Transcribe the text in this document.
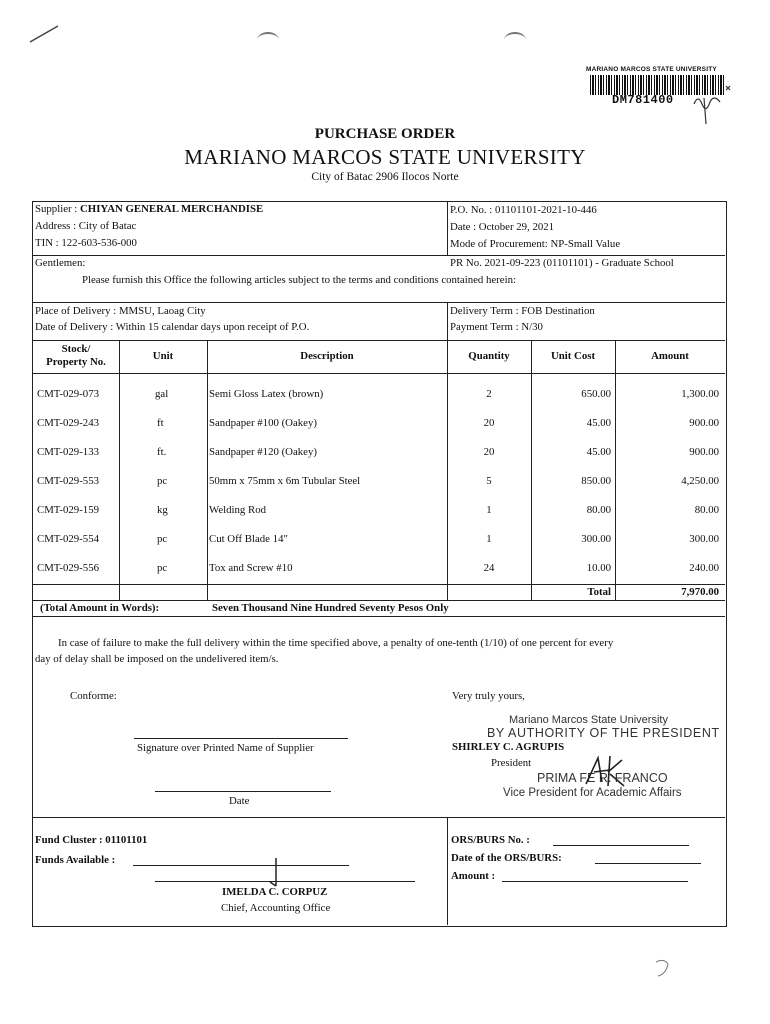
MARIANO MARCOS STATE UNIVERSITY
DM781400
PURCHASE ORDER
MARIANO MARCOS STATE UNIVERSITY
City of Batac 2906 Ilocos Norte
Supplier : CHIYAN GENERAL MERCHANDISE
Address : City of Batac
TIN : 122-603-536-000
P.O. No. : 01101101-2021-10-446
Date : October 29, 2021
Mode of Procurement: NP-Small Value
Gentlemen:	PR No. 2021-09-223 (01101101) - Graduate School
Please furnish this Office the following articles subject to the terms and conditions contained herein:
Place of Delivery : MMSU, Laoag City
Date of Delivery : Within 15 calendar days upon receipt of P.O.
Delivery Term : FOB Destination
Payment Term : N/30
Stock/
Property No.	Unit	Description	Quantity	Unit Cost	Amount
CMT-029-073	gal	Semi Gloss Latex (brown)	2	650.00	1,300.00
CMT-029-243	ft	Sandpaper #100 (Oakey)	20	45.00	900.00
CMT-029-133	ft.	Sandpaper #120 (Oakey)	20	45.00	900.00
CMT-029-553	pc	50mm x 75mm x 6m Tubular Steel	5	850.00	4,250.00
CMT-029-159	kg	Welding Rod	1	80.00	80.00
CMT-029-554	pc	Cut Off Blade 14"	1	300.00	300.00
CMT-029-556	pc	Tox and Screw #10	24	10.00	240.00
Total	7,970.00
(Total Amount in Words):	Seven Thousand Nine Hundred Seventy Pesos Only
In case of failure to make the full delivery within the time specified above, a penalty of one-tenth (1/10) of one percent for every
day of delay shall be imposed on the undelivered item/s.
Conforme:
Signature over Printed Name of Supplier
Date
Very truly yours,
Mariano Marcos State University
BY AUTHORITY OF THE PRESIDENT
SHIRLEY C. AGRUPIS
President
PRIMA FE R. FRANCO
Vice President for Academic Affairs
Fund Cluster : 01101101
Funds Available :
IMELDA C. CORPUZ
Chief, Accounting Office
ORS/BURS No. :
Date of the ORS/BURS:
Amount :
